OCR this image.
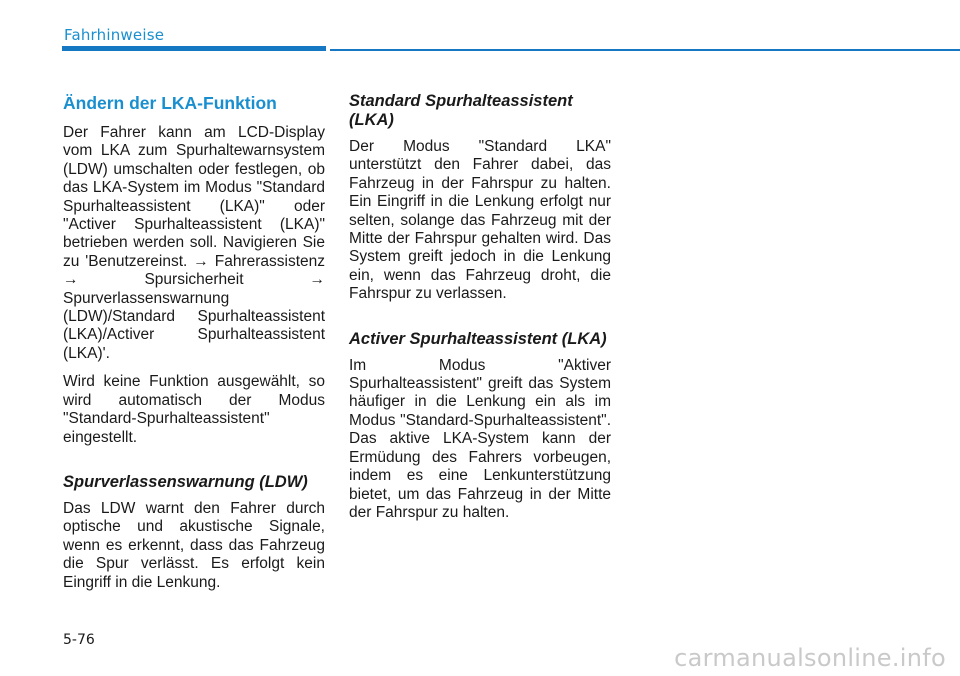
Fahrhinweise
Ändern der LKA-Funktion

Der Fahrer kann am LCD-Display vom LKA zum Spurhaltewarnsystem (LDW) umschalten oder festlegen, ob das LKA-System im Modus "Standard Spurhalteassistent (LKA)" oder "Activer Spurhalteassistent (LKA)" betrieben werden soll. Navigieren Sie zu 'Benutzereinst. → Fahrerassistenz → Spursicherheit → Spurverlassenswarnung (LDW)/Standard Spurhalteassistent (LKA)/Activer Spurhalteassistent (LKA)'.

Wird keine Funktion ausgewählt, so wird automatisch der Modus "Standard-Spurhalteassistent" eingestellt.

Spurverlassenswarnung (LDW)

Das LDW warnt den Fahrer durch optische und akustische Signale, wenn es erkennt, dass das Fahrzeug die Spur verlässt. Es erfolgt kein Eingriff in die Lenkung.

Standard Spurhalteassistent (LKA)

Der Modus "Standard LKA" unterstützt den Fahrer dabei, das Fahrzeug in der Fahrspur zu halten. Ein Eingriff in die Lenkung erfolgt nur selten, solange das Fahrzeug mit der Mitte der Fahrspur gehalten wird. Das System greift jedoch in die Lenkung ein, wenn das Fahrzeug droht, die Fahrspur zu verlassen.

Activer Spurhalteassistent (LKA)

Im Modus "Aktiver Spurhalteassistent" greift das System häufiger in die Lenkung ein als im Modus "Standard-Spurhalteassistent". Das aktive LKA-System kann der Ermüdung des Fahrers vorbeugen, indem es eine Lenkunterstützung bietet, um das Fahrzeug in der Mitte der Fahrspur zu halten.

5-76
carmanualsonline.info
